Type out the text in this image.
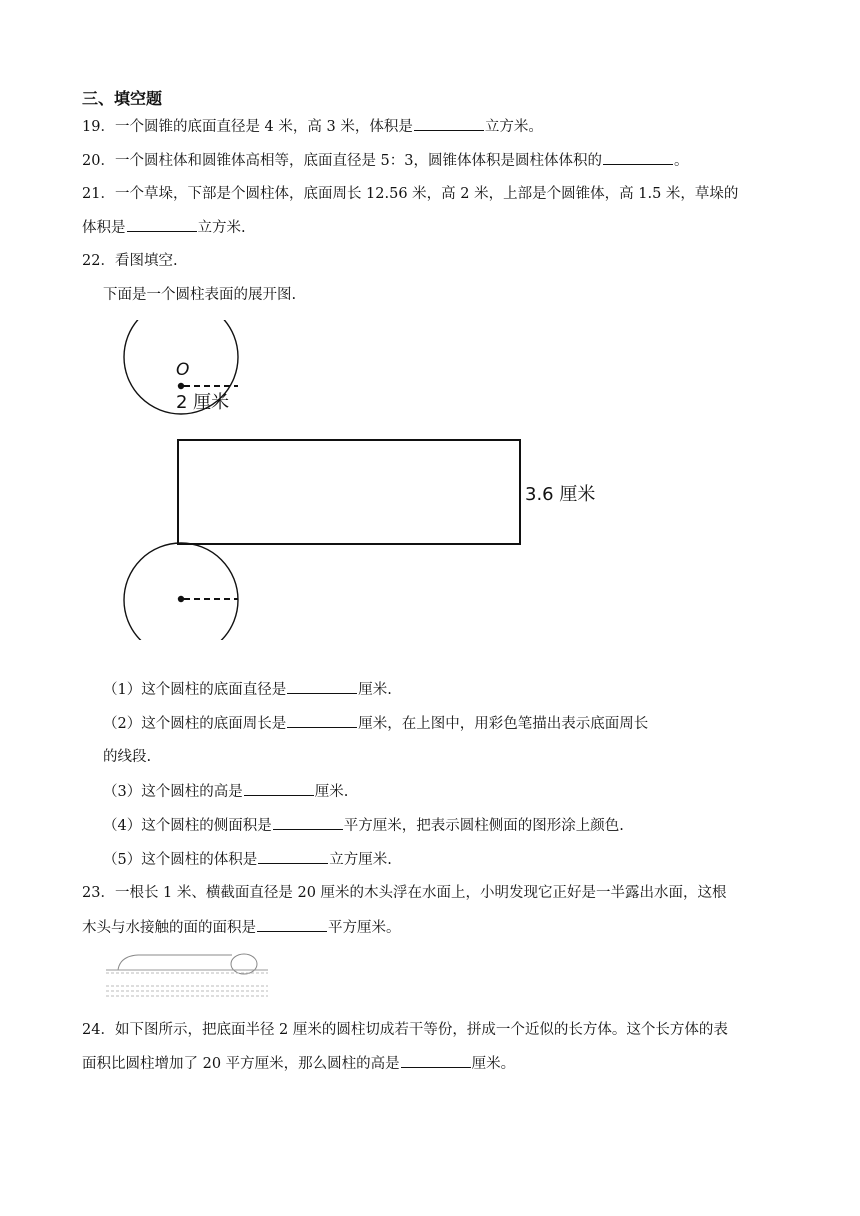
三、填空题
19．一个圆锥的底面直径是 4 米，高 3 米，体积是	立方米。
20．一个圆柱体和圆锥体高相等，底面直径是 5：3，圆锥体体积是圆柱体体积的	。
21．一个草垛，下部是个圆柱体，底面周长 12.56 米，高 2 米，上部是个圆锥体，高 1.5 米，草垛的
体积是	立方米.
22．看图填空.
下面是一个圆柱表面的展开图.
O
2 厘米
3.6 厘米
（1）这个圆柱的底面直径是	厘米.
（2）这个圆柱的底面周长是	厘米，在上图中，用彩色笔描出表示底面周长
的线段.
（3）这个圆柱的高是	厘米.
（4）这个圆柱的侧面积是	平方厘米，把表示圆柱侧面的图形涂上颜色.
（5）这个圆柱的体积是	立方厘米.
23．一根长 1 米、横截面直径是 20 厘米的木头浮在水面上，小明发现它正好是一半露出水面，这根
木头与水接触的面的面积是	平方厘米。
24．如下图所示，把底面半径 2 厘米的圆柱切成若干等份，拼成一个近似的长方体。这个长方体的表
面积比圆柱增加了 20 平方厘米，那么圆柱的高是	厘米。
